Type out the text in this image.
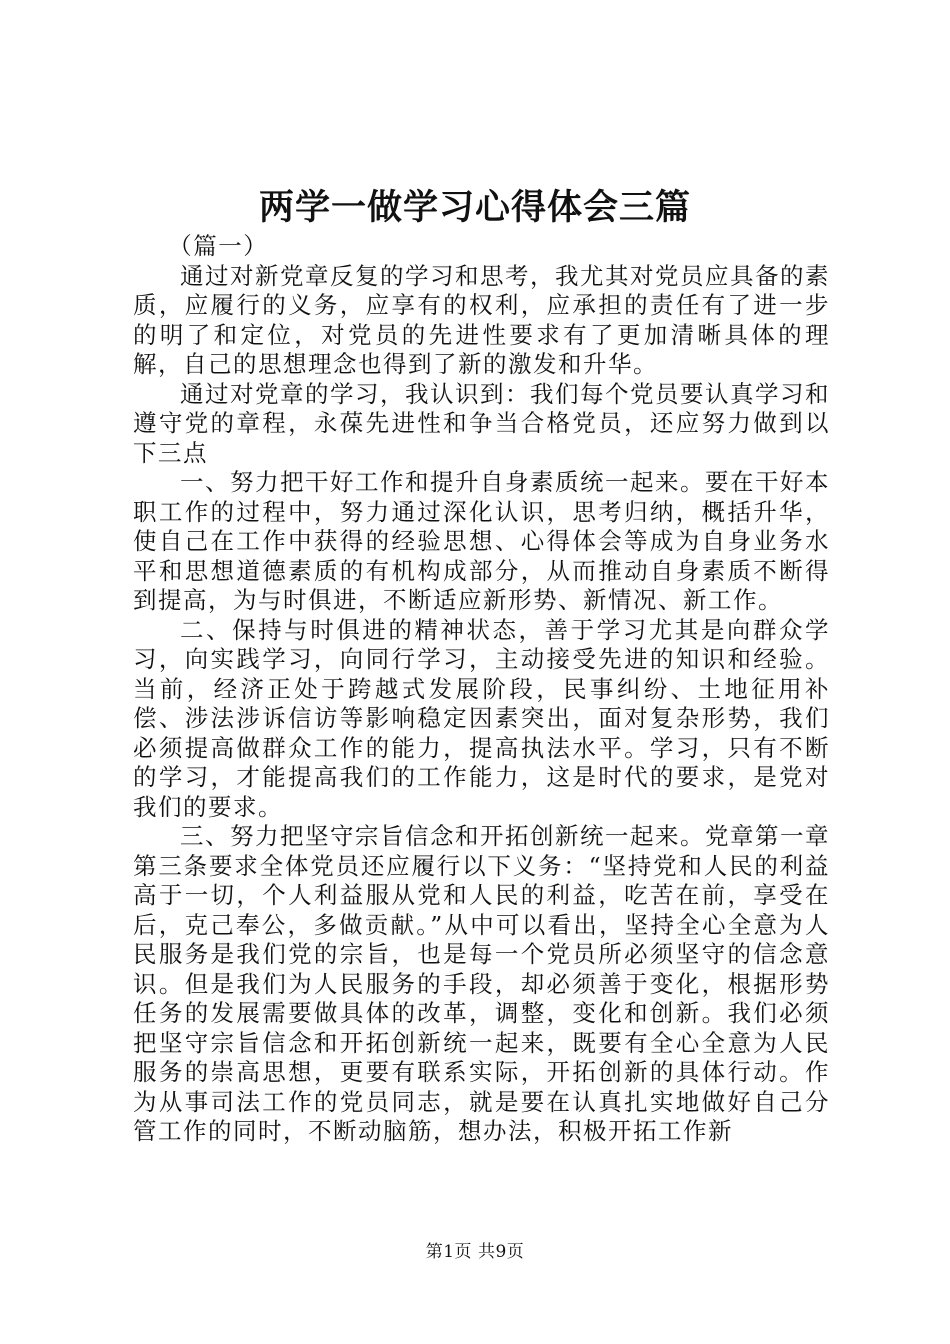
两学一做学习心得体会三篇

（篇一）

通过对新党章反复的学习和思考，我尤其对党员应具备的素质，应履行的义务，应享有的权利，应承担的责任有了进一步的明了和定位，对党员的先进性要求有了更加清晰具体的理解，自己的思想理念也得到了新的激发和升华。

通过对党章的学习，我认识到：我们每个党员要认真学习和遵守党的章程，永葆先进性和争当合格党员，还应努力做到以下三点

一、努力把干好工作和提升自身素质统一起来。要在干好本职工作的过程中，努力通过深化认识，思考归纳，概括升华，使自己在工作中获得的经验思想、心得体会等成为自身业务水平和思想道德素质的有机构成部分，从而推动自身素质不断得到提高，为与时俱进，不断适应新形势、新情况、新工作。

二、保持与时俱进的精神状态，善于学习尤其是向群众学习，向实践学习，向同行学习，主动接受先进的知识和经验。当前，经济正处于跨越式发展阶段，民事纠纷、土地征用补偿、涉法涉诉信访等影响稳定因素突出，面对复杂形势，我们必须提高做群众工作的能力，提高执法水平。学习，只有不断的学习，才能提高我们的工作能力，这是时代的要求，是党对我们的要求。

三、努力把坚守宗旨信念和开拓创新统一起来。党章第一章第三条要求全体党员还应履行以下义务：“坚持党和人民的利益高于一切，个人利益服从党和人民的利益，吃苦在前，享受在后，克己奉公，多做贡献。”从中可以看出，坚持全心全意为人民服务是我们党的宗旨，也是每一个党员所必须坚守的信念意识。但是我们为人民服务的手段，却必须善于变化，根据形势任务的发展需要做具体的改革，调整，变化和创新。我们必须把坚守宗旨信念和开拓创新统一起来，既要有全心全意为人民服务的崇高思想，更要有联系实际，开拓创新的具体行动。作为从事司法工作的党员同志，就是要在认真扎实地做好自己分管工作的同时，不断动脑筋，想办法，积极开拓工作新

第1页 共9页
